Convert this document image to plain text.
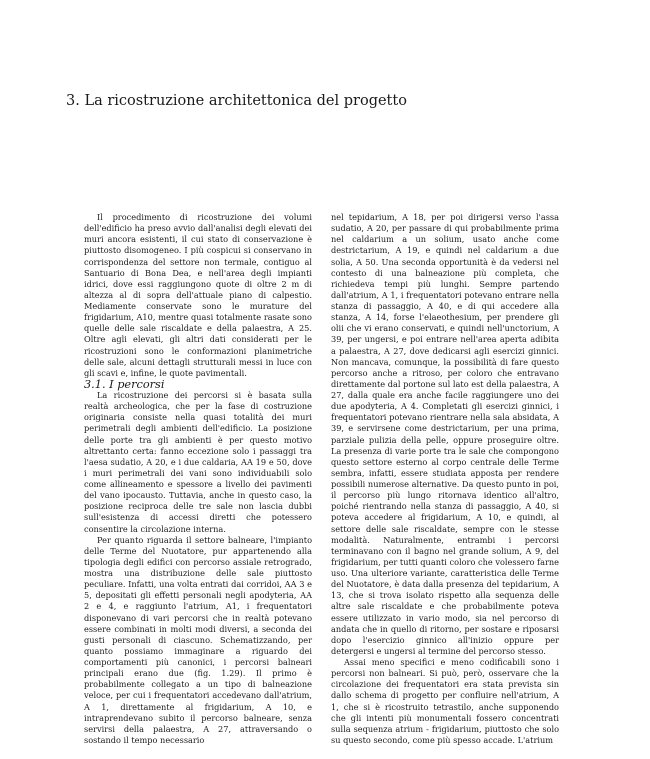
3. La ricostruzione architettonica del progetto

Il procedimento di ricostruzione dei volumi dell'edificio ha preso avvio dall'analisi degli elevati dei muri ancora esistenti, il cui stato di conservazione è piuttosto disomogeneo. I più cospicui si conservano in corrispondenza del settore non termale, contiguo al Santuario di Bona Dea, e nell'area degli impianti idrici, dove essi raggiungono quote di oltre 2 m di altezza al di sopra dell'attuale piano di calpestio. Mediamente conservate sono le murature del frigidarium, A10, mentre quasi totalmente rasate sono quelle delle sale riscaldate e della palaestra, A 25. Oltre agli elevati, gli altri dati considerati per le ricostruzioni sono le conformazioni planimetriche delle sale, alcuni dettagli strutturali messi in luce con gli scavi e, infine, le quote pavimentali.

3.1. I percorsi

La ricostruzione dei percorsi si è basata sulla realtà archeologica, che per la fase di costruzione originaria consiste nella quasi totalità dei muri perimetrali degli ambienti dell'edificio. La posizione delle porte tra gli ambienti è per questo motivo altrettanto certa: fanno eccezione solo i passaggi tra l'aesa sudatio, A 20, e i due caldaria, AA 19 e 50, dove i muri perimetrali dei vani sono individuabili solo come allineamento e spessore a livello dei pavimenti del vano ipocausto. Tuttavia, anche in questo caso, la posizione reciproca delle tre sale non lascia dubbi sull'esistenza di accessi diretti che potessero consentire la circolazione interna.

Per quanto riguarda il settore balneare, l'impianto delle Terme del Nuotatore, pur appartenendo alla tipologia degli edifici con percorso assiale retrogrado, mostra una distribuzione delle sale piuttosto peculiare. Infatti, una volta entrati dai corridoi, AA 3 e 5, depositati gli effetti personali negli apodyteria, AA 2 e 4, e raggiunto l'atrium, A1, i frequentatori disponevano di vari percorsi che in realtà potevano essere combinati in molti modi diversi, a seconda dei gusti personali di ciascuno. Schematizzando, per quanto possiamo immaginare a riguardo dei comportamenti più canonici, i percorsi balneari principali erano due (fig. 1.29). Il primo è probabilmente collegato a un tipo di balneazione veloce, per cui i frequentatori accedevano dall'atrium, A 1, direttamente al frigidarium, A 10, e intraprendevano subito il percorso balneare, senza servirsi della palaestra, A 27, attraversando o sostando il tempo necessario

nel tepidarium, A 18, per poi dirigersi verso l'assa sudatio, A 20, per passare di qui probabilmente prima nel caldarium a un solium, usato anche come destrictarium, A 19, e quindi nel caldarium a due solia, A 50. Una seconda opportunità è da vedersi nel contesto di una balneazione più completa, che richiedeva tempi più lunghi. Sempre partendo dall'atrium, A 1, i frequentatori potevano entrare nella stanza di passaggio, A 40, e di qui accedere alla stanza, A 14, forse l'elaeothesium, per prendere gli olii che vi erano conservati, e quindi nell'unctorium, A 39, per ungersi, e poi entrare nell'area aperta adibita a palaestra, A 27, dove dedicarsi agli esercizi ginnici. Non mancava, comunque, la possibilità di fare questo percorso anche a ritroso, per coloro che entravano direttamente dal portone sul lato est della palaestra, A 27, dalla quale era anche facile raggiungere uno dei due apodyteria, A 4. Completati gli esercizi ginnici, i frequentatori potevano rientrare nella sala absidata, A 39, e servirsene come destrictarium, per una prima, parziale pulizia della pelle, oppure proseguire oltre. La presenza di varie porte tra le sale che compongono questo settore esterno al corpo centrale delle Terme sembra, infatti, essere studiata apposta per rendere possibili numerose alternative. Da questo punto in poi, il percorso più lungo ritornava identico all'altro, poiché rientrando nella stanza di passaggio, A 40, si poteva accedere al frigidarium, A 10, e quindi, al settore delle sale riscaldate, sempre con le stesse modalità. Naturalmente, entrambi i percorsi terminavano con il bagno nel grande solium, A 9, del frigidarium, per tutti quanti coloro che volessero farne uso. Una ulteriore variante, caratteristica delle Terme del Nuotatore, è data dalla presenza del tepidarium, A 13, che si trova isolato rispetto alla sequenza delle altre sale riscaldate e che probabilmente poteva essere utilizzato in vario modo, sia nel percorso di andata che in quello di ritorno, per sostare e riposarsi dopo l'esercizio ginnico all'inizio oppure per detergersi e ungersi al termine del percorso stesso.

Assai meno specifici e meno codificabili sono i percorsi non balneari. Si può, però, osservare che la circolazione dei frequentatori era stata prevista sin dallo schema di progetto per confluire nell'atrium, A 1, che si è ricostruito tetrastilo, anche supponendo che gli intenti più monumentali fossero concentrati sulla sequenza atrium - frigidarium, piuttosto che solo su questo secondo, come più spesso accade. L'atrium
